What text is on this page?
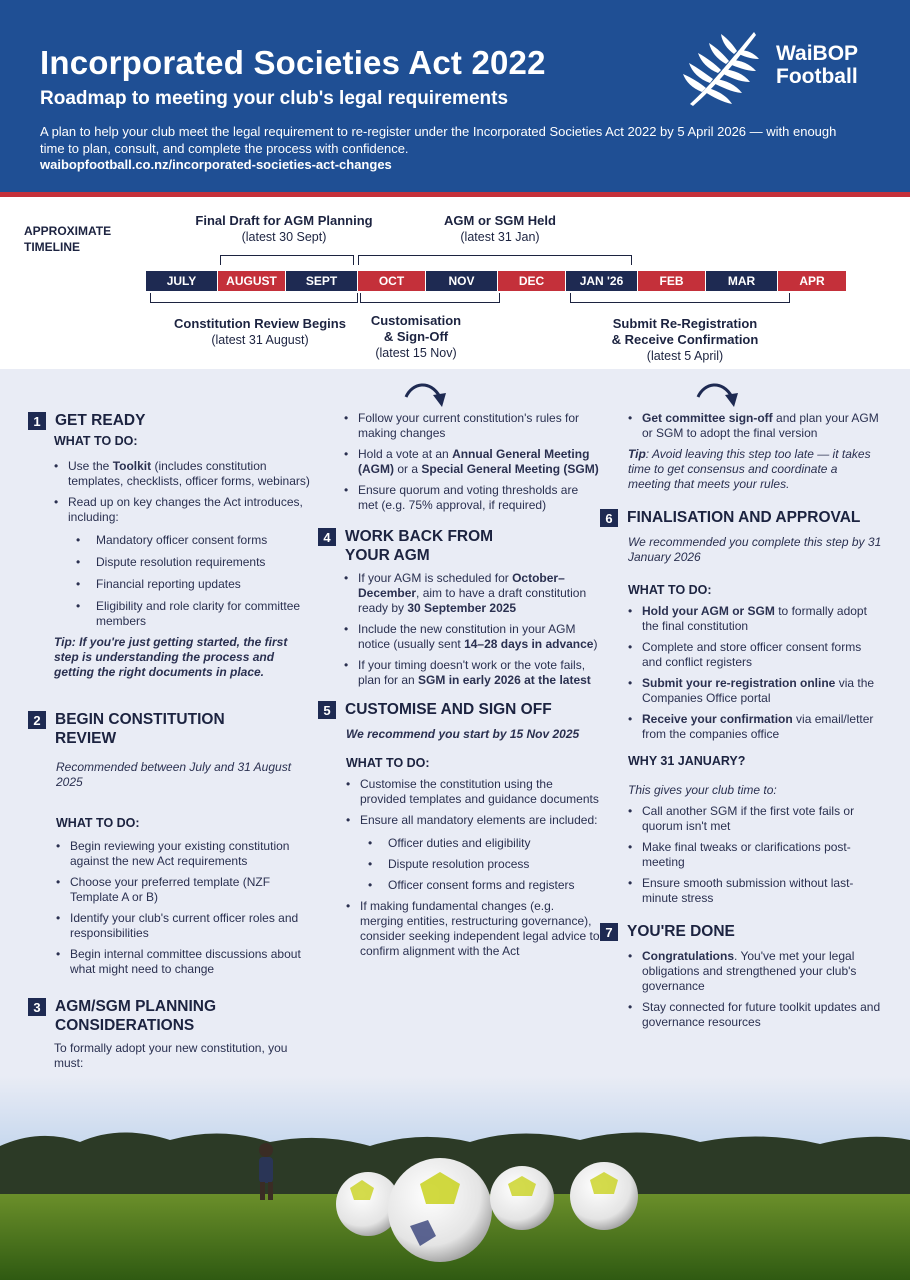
Incorporated Societies Act 2022
Roadmap to meeting your club's legal requirements
A plan to help your club meet the legal requirement to re-register under the Incorporated Societies Act 2022 by 5 April 2026 — with enough time to plan, consult, and complete the process with confidence.
waibopfootball.co.nz/incorporated-societies-act-changes
WaiBOP
Football
APPROXIMATE
TIMELINE
Final Draft for AGM Planning
(latest 30 Sept)
AGM or SGM Held
(latest 31 Jan)
JULY	AUGUST	SEPT	OCT	NOV	DEC	JAN '26	FEB	MAR	APR
Constitution Review Begins
(latest 31 August)
Customisation
& Sign-Off
(latest 15 Nov)
Submit Re-Registration
& Receive Confirmation
(latest 5 April)
1 GET READY
WHAT TO DO:
• Use the Toolkit (includes constitution templates, checklists, officer forms, webinars)
• Read up on key changes the Act introduces, including:
• Mandatory officer consent forms
• Dispute resolution requirements
• Financial reporting updates
• Eligibility and role clarity for committee members
Tip: If you're just getting started, the first step is understanding the process and getting the right documents in place.
2 BEGIN CONSTITUTION
REVIEW
Recommended between July and 31 August 2025
WHAT TO DO:
• Begin reviewing your existing constitution against the new Act requirements
• Choose your preferred template (NZF Template A or B)
• Identify your club's current officer roles and responsibilities
• Begin internal committee discussions about what might need to change
3 AGM/SGM PLANNING
CONSIDERATIONS
To formally adopt your new constitution, you must:
• Follow your current constitution's rules for making changes
• Hold a vote at an Annual General Meeting (AGM) or a Special General Meeting (SGM)
• Ensure quorum and voting thresholds are met (e.g. 75% approval, if required)
4 WORK BACK FROM
YOUR AGM
• If your AGM is scheduled for October–December, aim to have a draft constitution ready by 30 September 2025
• Include the new constitution in your AGM notice (usually sent 14–28 days in advance)
• If your timing doesn't work or the vote fails, plan for an SGM in early 2026 at the latest
5 CUSTOMISE AND SIGN OFF
We recommend you start by 15 Nov 2025
WHAT TO DO:
• Customise the constitution using the provided templates and guidance documents
• Ensure all mandatory elements are included:
• Officer duties and eligibility
• Dispute resolution process
• Officer consent forms and registers
• If making fundamental changes (e.g. merging entities, restructuring governance), consider seeking independent legal advice to confirm alignment with the Act
• Get committee sign-off and plan your AGM or SGM to adopt the final version
Tip: Avoid leaving this step too late — it takes time to get consensus and coordinate a meeting that meets your rules.
6 FINALISATION AND APPROVAL
We recommended you complete this step by 31 January 2026
WHAT TO DO:
• Hold your AGM or SGM to formally adopt the final constitution
• Complete and store officer consent forms and conflict registers
• Submit your re-registration online via the Companies Office portal
• Receive your confirmation via email/letter from the companies office
WHY 31 JANUARY?
This gives your club time to:
• Call another SGM if the first vote fails or quorum isn't met
• Make final tweaks or clarifications post-meeting
• Ensure smooth submission without last-minute stress
7 YOU'RE DONE
• Congratulations. You've met your legal obligations and strengthened your club's governance
• Stay connected for future toolkit updates and governance resources
